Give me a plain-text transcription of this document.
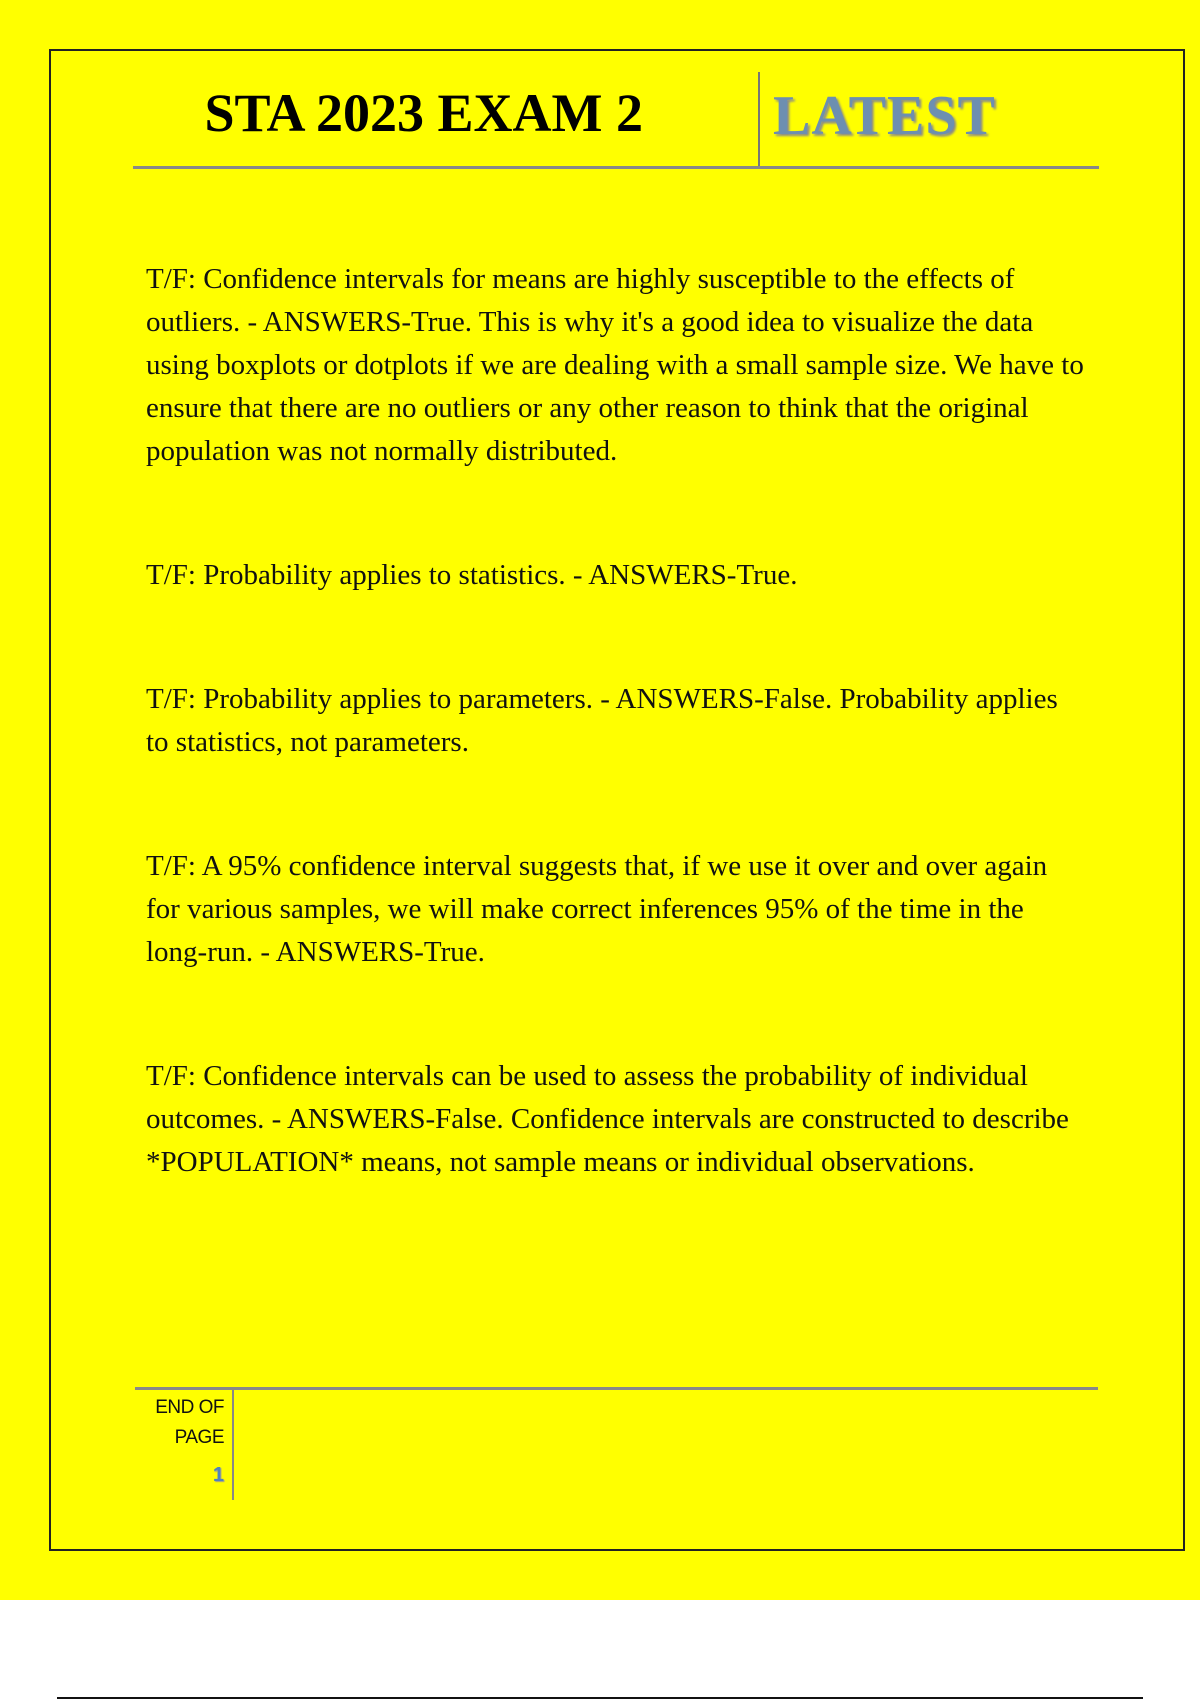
STA 2023 EXAM 2 LATEST

T/F: Confidence intervals for means are highly susceptible to the effects of outliers. - ANSWERS-True. This is why it's a good idea to visualize the data using boxplots or dotplots if we are dealing with a small sample size. We have to ensure that there are no outliers or any other reason to think that the original population was not normally distributed.

T/F: Probability applies to statistics. - ANSWERS-True.

T/F: Probability applies to parameters. - ANSWERS-False. Probability applies to statistics, not parameters.

T/F: A 95% confidence interval suggests that, if we use it over and over again for various samples, we will make correct inferences 95% of the time in the long-run. - ANSWERS-True.

T/F: Confidence intervals can be used to assess the probability of individual outcomes. - ANSWERS-False. Confidence intervals are constructed to describe *POPULATION* means, not sample means or individual observations.

END OF
PAGE
1
